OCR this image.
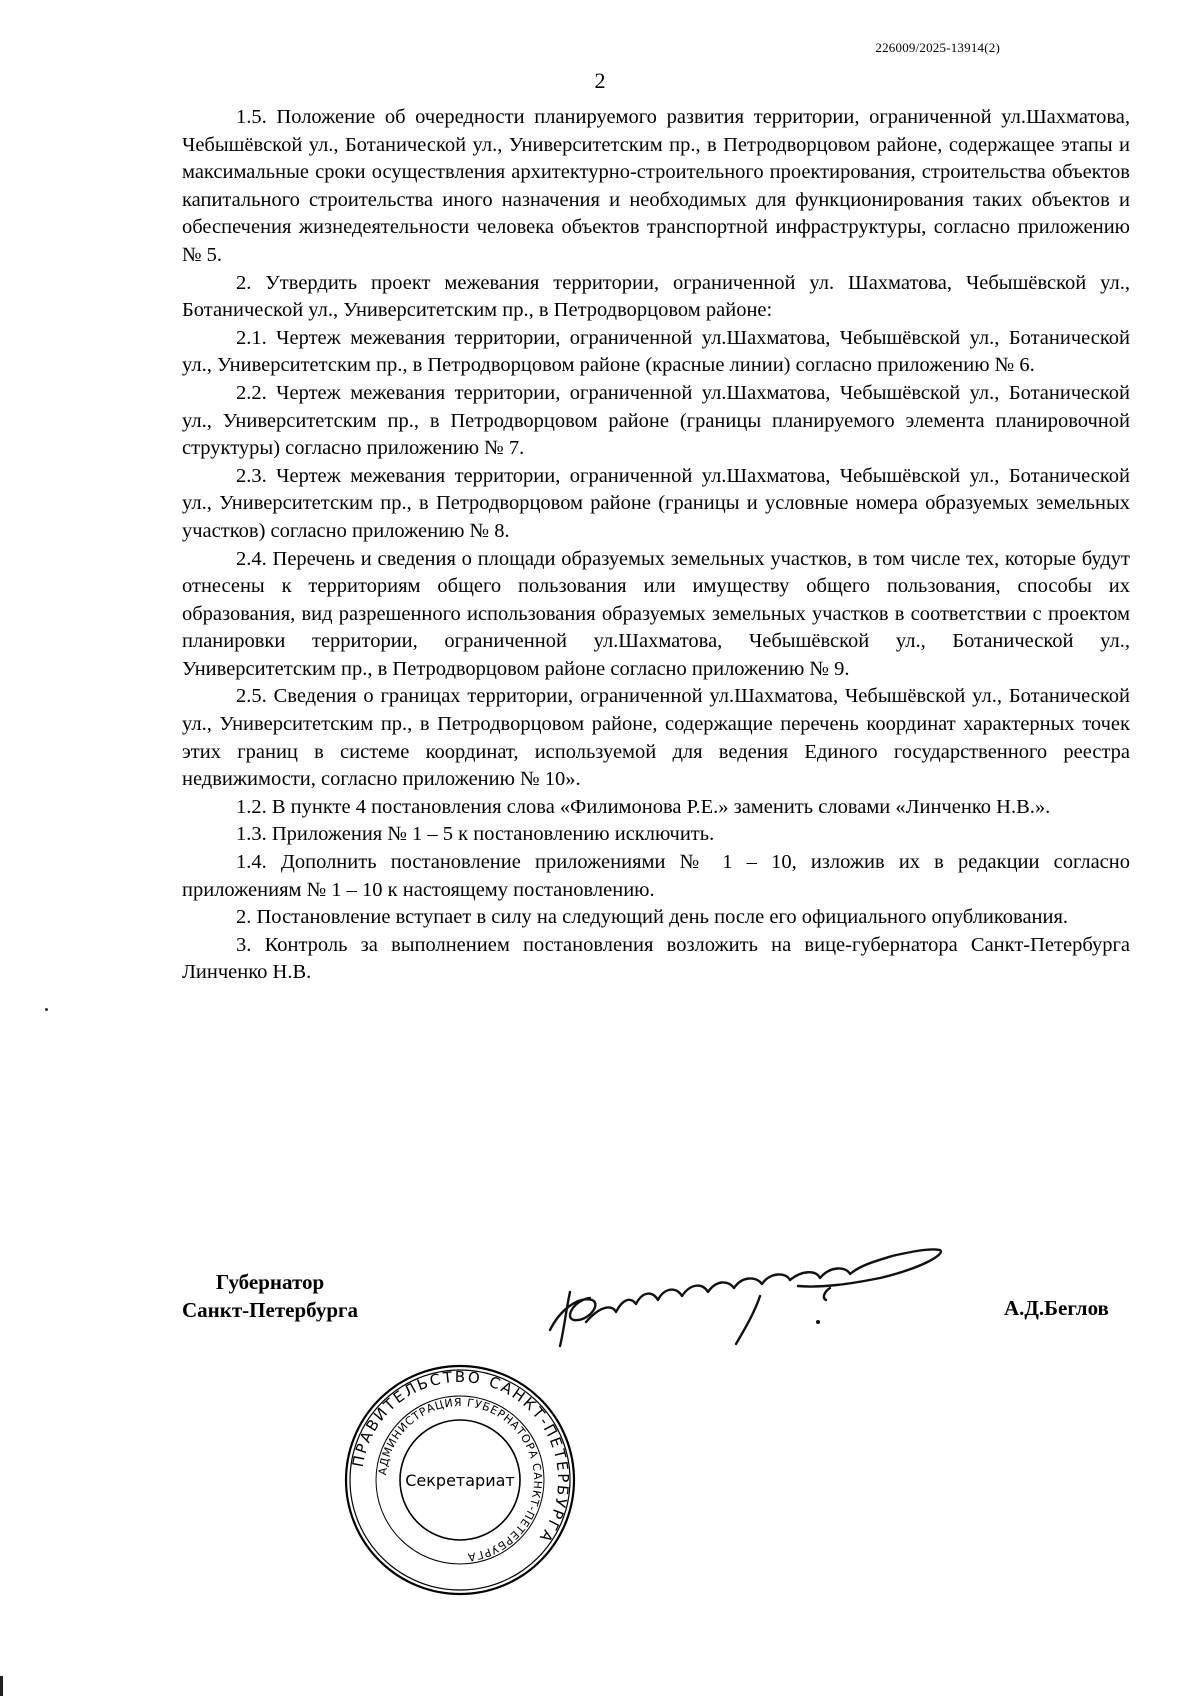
226009/2025-13914(2)
2

1.5. Положение об очередности планируемого развития территории, ограниченной ул.Шахматова, Чебышёвской ул., Ботанической ул., Университетским пр., в Петродворцовом районе, содержащее этапы и максимальные сроки осуществления архитектурно-строительного проектирования, строительства объектов капитального строительства иного назначения и необходимых для функционирования таких объектов и обеспечения жизнедеятельности человека объектов транспортной инфраструктуры, согласно приложению № 5.

2. Утвердить проект межевания территории, ограниченной ул. Шахматова, Чебышёвской ул., Ботанической ул., Университетским пр., в Петродворцовом районе:

2.1. Чертеж межевания территории, ограниченной ул.Шахматова, Чебышёвской ул., Ботанической ул., Университетским пр., в Петродворцовом районе (красные линии) согласно приложению № 6.

2.2. Чертеж межевания территории, ограниченной ул.Шахматова, Чебышёвской ул., Ботанической ул., Университетским пр., в Петродворцовом районе (границы планируемого элемента планировочной структуры) согласно приложению № 7.

2.3. Чертеж межевания территории, ограниченной ул.Шахматова, Чебышёвской ул., Ботанической ул., Университетским пр., в Петродворцовом районе (границы и условные номера образуемых земельных участков) согласно приложению № 8.

2.4. Перечень и сведения о площади образуемых земельных участков, в том числе тех, которые будут отнесены к территориям общего пользования или имуществу общего пользования, способы их образования, вид разрешенного использования образуемых земельных участков в соответствии с проектом планировки территории, ограниченной ул.Шахматова, Чебышёвской ул., Ботанической ул., Университетским пр., в Петродворцовом районе согласно приложению № 9.

2.5. Сведения о границах территории, ограниченной ул.Шахматова, Чебышёвской ул., Ботанической ул., Университетским пр., в Петродворцовом районе, содержащие перечень координат характерных точек этих границ в системе координат, используемой для ведения Единого государственного реестра недвижимости, согласно приложению № 10».

1.2. В пункте 4 постановления слова «Филимонова Р.Е.» заменить словами «Линченко Н.В.».

1.3. Приложения № 1 – 5 к постановлению исключить.

1.4. Дополнить постановление приложениями № 1 – 10, изложив их в редакции согласно приложениям № 1 – 10 к настоящему постановлению.

2. Постановление вступает в силу на следующий день после его официального опубликования.

3. Контроль за выполнением постановления возложить на вице-губернатора Санкт-Петербурга Линченко Н.В.

Губернатор
Санкт-Петербурга	А.Д.Беглов
ПРАВИТЕЛЬСТВО САНКТ-ПЕТЕРБУРГА
АДМИНИСТРАЦИЯ ГУБЕРНАТОРА САНКТ-ПЕТЕРБУРГА
Секретариат
